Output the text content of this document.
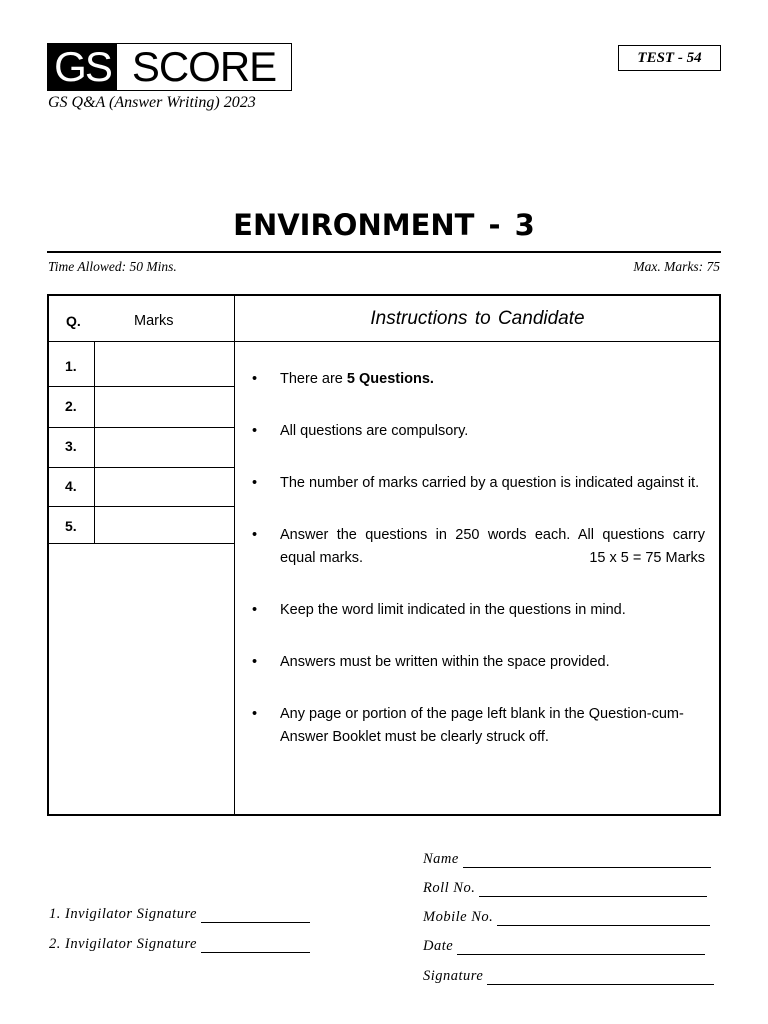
GS SCORE
GS Q&A (Answer Writing) 2023
TEST - 54
ENVIRONMENT - 3
Time Allowed: 50 Mins.	Max. Marks: 75
Q.	Marks
1.
2.
3.
4.
5.
Instructions to Candidate
• There are 5 Questions.
• All questions are compulsory.
• The number of marks carried by a question is indicated against it.
• Answer the questions in 250 words each. All questions carry equal marks.	15 x 5 = 75 Marks
• Keep the word limit indicated in the questions in mind.
• Answers must be written within the space provided.
• Any page or portion of the page left blank in the Question-cum-Answer Booklet must be clearly struck off.
1. Invigilator Signature
2. Invigilator Signature
Name
Roll No.
Mobile No.
Date
Signature
